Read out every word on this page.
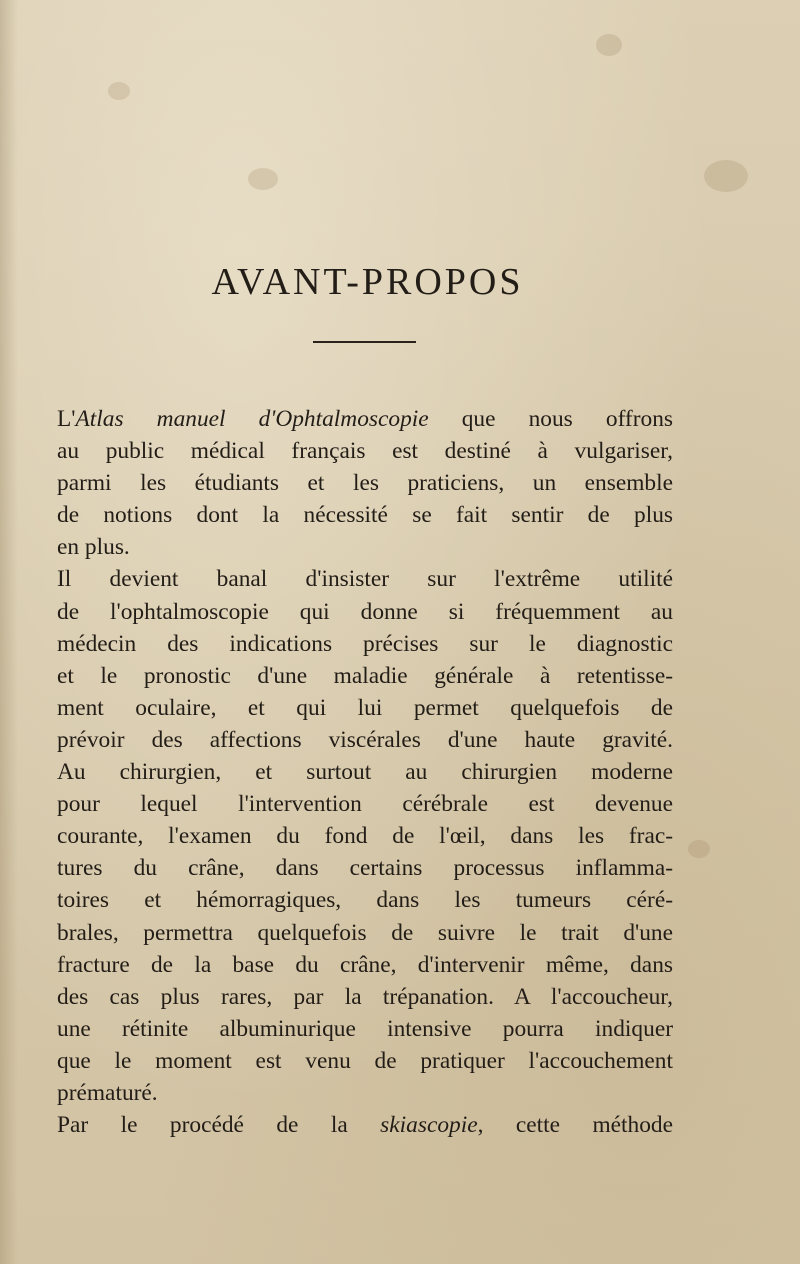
AVANT-PROPOS
L'Atlas manuel d'Ophtalmoscopie que nous offrons
au public médical français est destiné à vulgariser,
parmi les étudiants et les praticiens, un ensemble
de notions dont la nécessité se fait sentir de plus
en plus.
Il devient banal d'insister sur l'extrême utilité
de l'ophtalmoscopie qui donne si fréquemment au
médecin des indications précises sur le diagnostic
et le pronostic d'une maladie générale à retentisse-
ment oculaire, et qui lui permet quelquefois de
prévoir des affections viscérales d'une haute gravité.
Au chirurgien, et surtout au chirurgien moderne
pour lequel l'intervention cérébrale est devenue
courante, l'examen du fond de l'œil, dans les frac-
tures du crâne, dans certains processus inflamma-
toires et hémorragiques, dans les tumeurs céré-
brales, permettra quelquefois de suivre le trait d'une
fracture de la base du crâne, d'intervenir même, dans
des cas plus rares, par la trépanation. A l'accoucheur,
une rétinite albuminurique intensive pourra indiquer
que le moment est venu de pratiquer l'accouchement
prématuré.
Par le procédé de la skiascopie, cette méthode
